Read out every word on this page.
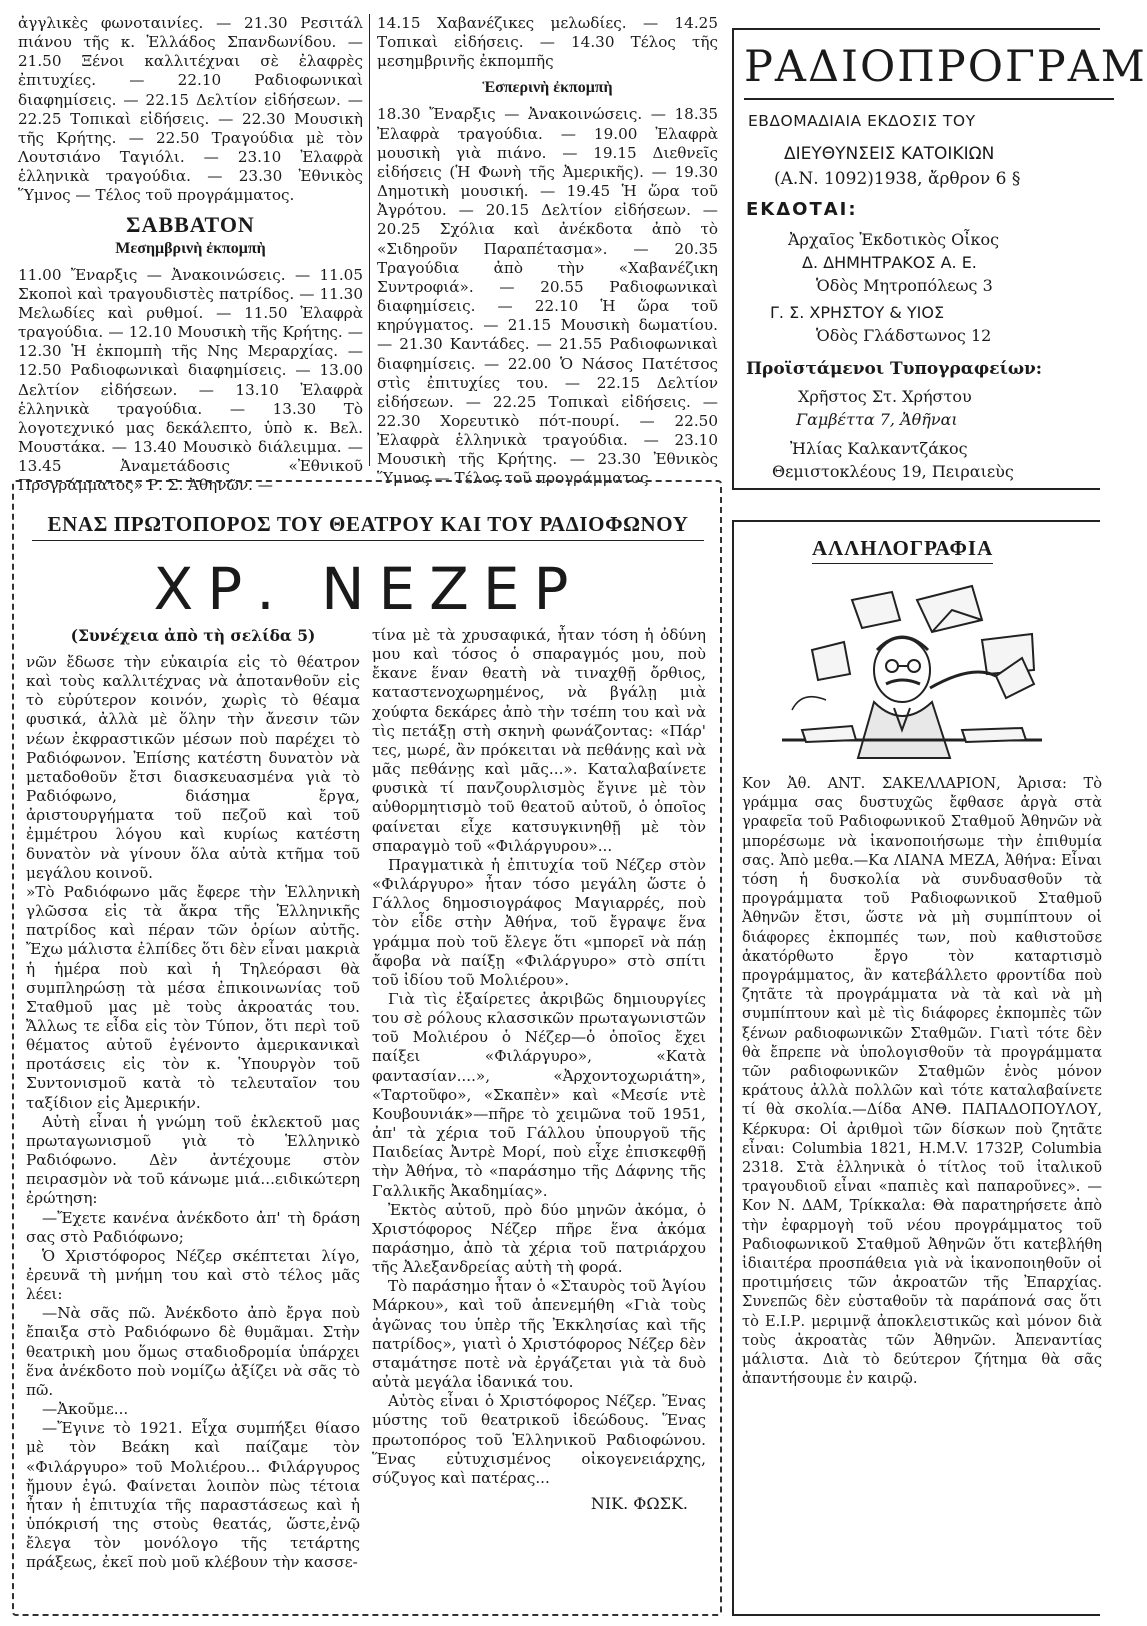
ἀγγλικὲς φωνοταινίες. — 21.30 Ρεσιτάλ πιάνου τῆς κ. Ἑλλάδος Σπανδωνίδου. — 21.50 Ξένοι καλλιτέχναι σὲ ἐλαφρὲς ἐπιτυχίες. — 22.10 Ραδιοφωνικαὶ διαφημίσεις. — 22.15 Δελτίον εἰδήσεων. — 22.25 Τοπικαὶ εἰδήσεις. — 22.30 Μουσικὴ τῆς Κρήτης. — 22.50 Τραγούδια μὲ τὸν Λουτσιάνο Ταγιόλι. — 23.10 Ἐλαφρὰ ἑλληνικὰ τραγούδια. — 23.30 Ἐθνικὸς Ὕμνος — Τέλος τοῦ προγράμματος.

ΣΑΒΒΑΤΟΝ
Μεσημβρινὴ ἐκπομπὴ

11.00 Ἔναρξις — Ἀνακοινώσεις. — 11.05 Σκοποὶ καὶ τραγουδιστὲς πατρίδος. — 11.30 Μελωδίες καὶ ρυθμοί. — 11.50 Ἐλαφρὰ τραγούδια. — 12.10 Μουσικὴ τῆς Κρήτης. — 12.30 Ἡ ἐκπομπὴ τῆς Νης Μεραρχίας. — 12.50 Ραδιοφωνικαὶ διαφημίσεις. — 13.00 Δελτίον εἰδήσεων. — 13.10 Ἐλαφρὰ ἑλληνικὰ τραγούδια. — 13.30 Τὸ λογοτεχνικό μας δεκάλεπτο, ὑπὸ κ. Βελ. Μουστάκα. — 13.40 Μουσικὸ διάλειμμα. — 13.45 Ἀναμετάδοσις «Ἐθνικοῦ Προγράμματος» Ρ. Σ. Ἀθηνῶν. —

14.15 Χαβανέζικες μελωδίες. — 14.25 Τοπικαὶ εἰδήσεις. — 14.30 Τέλος τῆς μεσημβρινῆς ἐκπομπῆς

Ἑσπερινὴ ἐκπομπὴ

18.30 Ἔναρξις — Ἀνακοινώσεις. — 18.35 Ἐλαφρὰ τραγούδια. — 19.00 Ἐλαφρὰ μουσικὴ γιὰ πιάνο. — 19.15 Διεθνεῖς εἰδήσεις (Ἡ Φωνὴ τῆς Ἀμερικῆς). — 19.30 Δημοτικὴ μουσική. — 19.45 Ἡ ὥρα τοῦ Ἀγρότου. — 20.15 Δελτίον εἰδήσεων. — 20.25 Σχόλια καὶ ἀνέκδοτα ἀπὸ τὸ «Σιδηροῦν Παραπέτασμα». — 20.35 Τραγούδια ἀπὸ τὴν «Χαβανέζικη Συντροφιά». — 20.55 Ραδιοφωνικαὶ διαφημίσεις. — 22.10 Ἡ ὥρα τοῦ κηρύγματος. — 21.15 Μουσικὴ δωματίου. — 21.30 Καντάδες. — 21.55 Ραδιοφωνικαὶ διαφημίσεις. — 22.00 Ὁ Νάσος Πατέτσος στὶς ἐπιτυχίες του. — 22.15 Δελτίον εἰδήσεων. — 22.25 Τοπικαὶ εἰδήσεις. — 22.30 Χορευτικὸ πότ-πουρί. — 22.50 Ἐλαφρὰ ἑλληνικὰ τραγούδια. — 23.10 Μουσικὴ τῆς Κρήτης. — 23.30 Ἐθνικὸς Ὕμνος — Τέλος τοῦ προγράμματος

ΡΑΔΙΟΠΡΟΓΡΑΜ
ΕΒΔΟΜΑΔΙΑΙΑ ΕΚΔΟΣΙΣ ΤΟΥ
ΔΙΕΥΘΥΝΣΕΙΣ ΚΑΤΟΙΚΙΩΝ
(Α.Ν. 1092)1938, ἄρθρον 6 §
ΕΚΔΟΤΑΙ:
Ἀρχαῖος Ἐκδοτικὸς Οἶκος
Δ. ΔΗΜΗΤΡΑΚΟΣ Α. Ε.
Ὁδὸς Μητροπόλεως 3
Γ. Σ. ΧΡΗΣΤΟΥ & ΥΙΟΣ
Ὁδὸς Γλάδστωνος 12
Προϊστάμενοι Τυπογραφείων:
Χρῆστος Στ. Χρήστου
Γαμβέττα 7, Ἀθῆναι
Ἠλίας Καλκαντζάκος
Θεμιστοκλέους 19, Πειραιεὺς
ΕΝΑΣ ΠΡΩΤΟΠΟΡΟΣ ΤΟΥ ΘΕΑΤΡΟΥ ΚΑΙ ΤΟΥ ΡΑΔΙΟΦΩΝΟΥ
ΧΡ. ΝΕΖΕΡ
(Συνέχεια ἀπὸ τὴ σελίδα 5)

νῶν ἔδωσε τὴν εὐκαιρία εἰς τὸ θέατρον καὶ τοὺς καλλιτέχνας νὰ ἀποτανθοῦν εἰς τὸ εὐρύτερον κοινόν, χωρὶς τὸ θέαμα φυσικά, ἀλλὰ μὲ ὅλην τὴν ἄνεσιν τῶν νέων ἐκφραστικῶν μέσων ποὺ παρέχει τὸ Ραδιόφωνον. Ἐπίσης κατέστη δυνατὸν νὰ μεταδοθοῦν ἔτσι διασκευασμένα γιὰ τὸ Ραδιόφωνο, διάσημα ἔργα, ἀριστουργήματα τοῦ πεζοῦ καὶ τοῦ ἐμμέτρου λόγου καὶ κυρίως κατέστη δυνατὸν νὰ γίνουν ὅλα αὐτὰ κτῆμα τοῦ μεγάλου κοινοῦ.

»Τὸ Ραδιόφωνο μᾶς ἔφερε τὴν Ἑλληνικὴ γλῶσσα εἰς τὰ ἄκρα τῆς Ἑλληνικῆς πατρίδος καὶ πέραν τῶν ὁρίων αὐτῆς. Ἔχω μάλιστα ἐλπίδες ὅτι δὲν εἶναι μακριὰ ἡ ἡμέρα ποὺ καὶ ἡ Τηλεόρασι θὰ συμπληρώσῃ τὰ μέσα ἐπικοινωνίας τοῦ Σταθμοῦ μας μὲ τοὺς ἀκροατάς του. Ἄλλως τε εἶδα εἰς τὸν Τύπον, ὅτι περὶ τοῦ θέματος αὐτοῦ ἐγένοντο ἀμερικανικαὶ προτάσεις εἰς τὸν κ. Ὑπουργὸν τοῦ Συντονισμοῦ κατὰ τὸ τελευταῖον του ταξίδιον εἰς Ἀμερικήν.

Αὐτὴ εἶναι ἡ γνώμη τοῦ ἐκλεκτοῦ μας πρωταγωνισμοῦ γιὰ τὸ Ἑλληνικὸ Ραδιόφωνο. Δὲν ἀντέχουμε στὸν πειρασμὸν νὰ τοῦ κάνωμε μιά...ειδικώτερη ἐρώτηση:

—Ἔχετε κανένα ἀνέκδοτο ἀπ' τὴ δράση σας στὸ Ραδιόφωνο;

Ὁ Χριστόφορος Νέζερ σκέπτεται λίγο, ἐρευνᾶ τὴ μνήμη του καὶ στὸ τέλος μᾶς λέει:

—Νὰ σᾶς πῶ. Ἀνέκδοτο ἀπὸ ἔργα ποὺ ἔπαιξα στὸ Ραδιόφωνο δὲ θυμᾶμαι. Στὴν θεατρικὴ μου ὅμως σταδιοδρομία ὑπάρχει ἕνα ἀνέκδοτο ποὺ νομίζω ἀξίζει νὰ σᾶς τὸ πῶ.

—Ἀκοῦμε...

—Ἔγινε τὸ 1921. Εἶχα συμπήξει θίασο μὲ τὸν Βεάκη καὶ παίζαμε τὸν «Φιλάργυρο» τοῦ Μολιέρου... Φιλάργυρος ἤμουν ἐγώ. Φαίνεται λοιπὸν πὼς τέτοια ἦταν ἡ ἐπιτυχία τῆς παραστάσεως καὶ ἡ ὑπόκρισή της στοὺς θεατάς, ὥστε,ἐνῷ ἔλεγα τὸν μονόλογο τῆς τετάρτης πράξεως, ἐκεῖ ποὺ μοῦ κλέβουν τὴν κασσε-

τίνα μὲ τὰ χρυσαφικά, ἦταν τόση ἡ ὀδύνη μου καὶ τόσος ὁ σπαραγμός μου, ποὺ ἔκανε ἕναν θεατὴ νὰ τιναχθῇ ὄρθιος, καταστενοχωρημένος, νὰ βγάλῃ μιὰ χούφτα δεκάρες ἀπὸ τὴν τσέπη του καὶ νὰ τὶς πετάξῃ στὴ σκηνὴ φωνάζοντας: «Πάρ' τες, μωρέ, ἂν πρόκειται νὰ πεθάνῃς καὶ νὰ μᾶς πεθάνῃς καὶ μᾶς...». Καταλαβαίνετε φυσικὰ τί πανζουρλισμὸς ἔγινε μὲ τὸν αὐθορμητισμὸ τοῦ θεατοῦ αὐτοῦ, ὁ ὁποῖος φαίνεται εἶχε κατσυγκινηθῇ μὲ τὸν σπαραγμὸ τοῦ «Φιλάργυρου»...

Πραγματικὰ ἡ ἐπιτυχία τοῦ Νέζερ στὸν «Φιλάργυρο» ἦταν τόσο μεγάλη ὥστε ὁ Γάλλος δημοσιογράφος Μαγιαρρές, ποὺ τὸν εἶδε στὴν Ἀθήνα, τοῦ ἔγραψε ἕνα γράμμα ποὺ τοῦ ἔλεγε ὅτι «μπορεῖ νὰ πάῃ ἄφοβα νὰ παίξῃ «Φιλάργυρο» στὸ σπίτι τοῦ ἰδίου τοῦ Μολιέρου».

Γιὰ τὶς ἐξαίρετες ἀκριβῶς δημιουργίες του σὲ ρόλους κλασσικῶν πρωταγωνιστῶν τοῦ Μολιέρου ὁ Νέζερ—ὁ ὁποῖος ἔχει παίξει «Φιλάργυρο», «Κατὰ φαντασίαν....», «Ἀρχοντοχωριάτη», «Ταρτοῦφο», «Σκαπὲν» καὶ «Μεσίε ντὲ Κουβουνιάκ»—πῆρε τὸ χειμῶνα τοῦ 1951, ἀπ' τὰ χέρια τοῦ Γάλλου ὑπουργοῦ τῆς Παιδείας Ἀντρὲ Μορί, ποὺ εἶχε ἐπισκεφθῇ τὴν Ἀθήνα, τὸ «παράσημο τῆς Δάφνης τῆς Γαλλικῆς Ἀκαδημίας».

Ἐκτὸς αὐτοῦ, πρὸ δύο μηνῶν ἀκόμα, ὁ Χριστόφορος Νέζερ πῆρε ἕνα ἀκόμα παράσημο, ἀπὸ τὰ χέρια τοῦ πατριάρχου τῆς Ἀλεξανδρείας αὐτὴ τὴ φορά.

Τὸ παράσημο ἦταν ὁ «Σταυρὸς τοῦ Ἁγίου Μάρκου», καὶ τοῦ ἀπενεμήθη «Γιὰ τοὺς ἀγῶνας του ὑπὲρ τῆς Ἐκκλησίας καὶ τῆς πατρίδος», γιατὶ ὁ Χριστόφορος Νέζερ δὲν σταμάτησε ποτὲ νὰ ἐργάζεται γιὰ τὰ δυὸ αὐτὰ μεγάλα ἰδανικά του.

Αὐτὸς εἶναι ὁ Χριστόφορος Νέζερ. Ἕνας μύστης τοῦ θεατρικοῦ ἰδεώδους. Ἕνας πρωτοπόρος τοῦ Ἑλληνικοῦ Ραδιοφώνου. Ἕνας εὐτυχισμένος οἰκογενειάρχης, σύζυγος καὶ πατέρας...

ΝΙΚ. ΦΩΣΚ.
ΑΛΛΗΛΟΓΡΑΦΙΑ

Κον Ἀθ. ΑΝΤ. ΣΑΚΕΛΛΑΡΙΟΝ, Ἀρισα: Τὸ γράμμα σας δυστυχῶς ἔφθασε ἀργὰ στὰ γραφεῖα τοῦ Ραδιοφωνικοῦ Σταθμοῦ Ἀθηνῶν νὰ μπορέσωμε νὰ ἱκανοποιήσωμε τὴν ἐπιθυμία σας. Ἀπὸ μεθα.—Κα ΛΙΑΝΑ ΜΕΖΑ, Ἀθήνα: Εἶναι τόση ἡ δυσκολία νὰ συνδυασθοῦν τὰ προγράμματα τοῦ Ραδιοφωνικοῦ Σταθμοῦ Ἀθηνῶν ἔτσι, ὥστε νὰ μὴ συμπίπτουν οἱ διάφορες ἐκπομπές των, ποὺ καθιστοῦσε ἀκατόρθωτο ἔργο τὸν καταρτισμὸ προγράμματος, ἂν κατεβάλλετο φροντίδα ποὺ ζητᾶτε τὰ προγράμματα νὰ τὰ καὶ νὰ μὴ συμπίπτουν καὶ μὲ τὶς διάφορες ἐκπομπὲς τῶν ξένων ραδιοφωνικῶν Σταθμῶν. Γιατὶ τότε δὲν θὰ ἔπρεπε νὰ ὑπολογισθοῦν τὰ προγράμματα τῶν ραδιοφωνικῶν Σταθμῶν ἑνὸς μόνον κράτους ἀλλὰ πολλῶν καὶ τότε καταλαβαίνετε τί θὰ σκολία.—Δίδα ΑΝΘ. ΠΑΠΑΔΟΠΟΥΛΟΥ, Κέρκυρα: Οἱ ἀριθμοὶ τῶν δίσκων ποὺ ζητᾶτε εἶναι: Columbia 1821, H.M.V. 1732P, Columbia 2318. Στὰ ἑλληνικὰ ὁ τίτλος τοῦ ἰταλικοῦ τραγουδιοῦ εἶναι «παπιὲς καὶ παπαροῦνες». — Κον Ν. ΔΑΜ, Τρίκκαλα: Θὰ παρατηρήσετε ἀπὸ τὴν ἐφαρμογὴ τοῦ νέου προγράμματος τοῦ Ραδιοφωνικοῦ Σταθμοῦ Ἀθηνῶν ὅτι κατεβλήθη ἰδιαιτέρα προσπάθεια γιὰ νὰ ἱκανοποιηθοῦν οἱ προτιμήσεις τῶν ἀκροατῶν τῆς Ἐπαρχίας. Συνεπῶς δὲν εὐσταθοῦν τὰ παράπονά σας ὅτι τὸ Ε.Ι.Ρ. μεριμνᾷ ἀποκλειστικῶς καὶ μόνον διὰ τοὺς ἀκροατὰς τῶν Ἀθηνῶν. Ἀπεναντίας μάλιστα. Διὰ τὸ δεύτερον ζήτημα θὰ σᾶς ἀπαντήσουμε ἐν καιρῷ.
